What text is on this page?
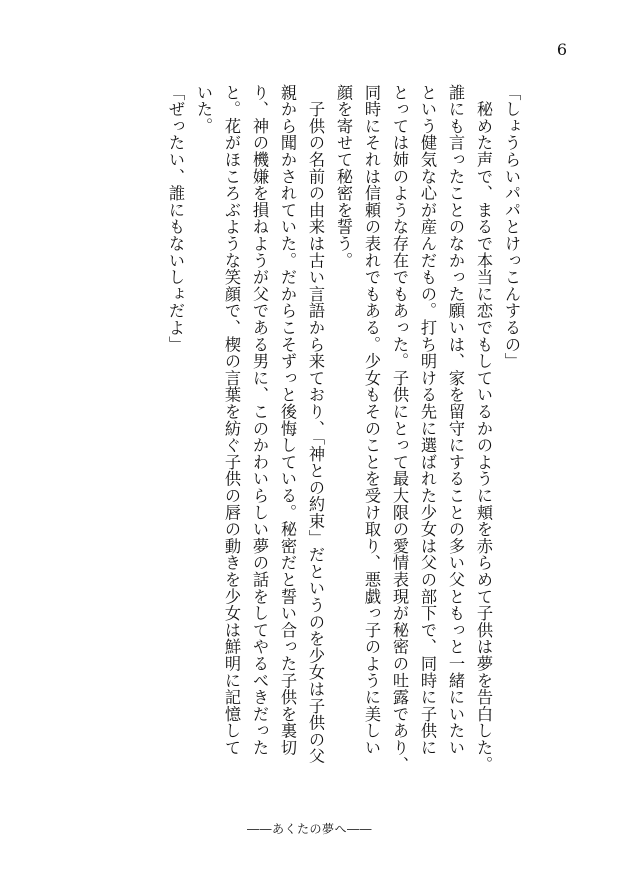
6
「しょうらいパパとけっこんするの」
　秘めた声で、まるで本当に恋でもしているかのように頬を赤らめて子供は夢を告白した。
誰にも言ったことのなかった願いは、家を留守にすることの多い父ともっと一緒にいたい
という健気な心が産んだもの。打ち明ける先に選ばれた少女は父の部下で、同時に子供に
とっては姉のような存在でもあった。子供にとって最大限の愛情表現が秘密の吐露であり、
同時にそれは信頼の表れでもある。少女もそのことを受け取り、悪戯っ子のように美しい
顔を寄せて秘密を誓う。
　子供の名前の由来は古い言語から来ており、「神との約束」だというのを少女は子供の父
親から聞かされていた。だからこそずっと後悔している。秘密だと誓い合った子供を裏切
り、神の機嫌を損ねようが父である男に、このかわいらしい夢の話をしてやるべきだった
と。花がほころぶような笑顔で、楔の言葉を紡ぐ子供の唇の動きを少女は鮮明に記憶して
いた。
「ぜったい、誰にもないしょだよ」
――あくたの夢へ――
